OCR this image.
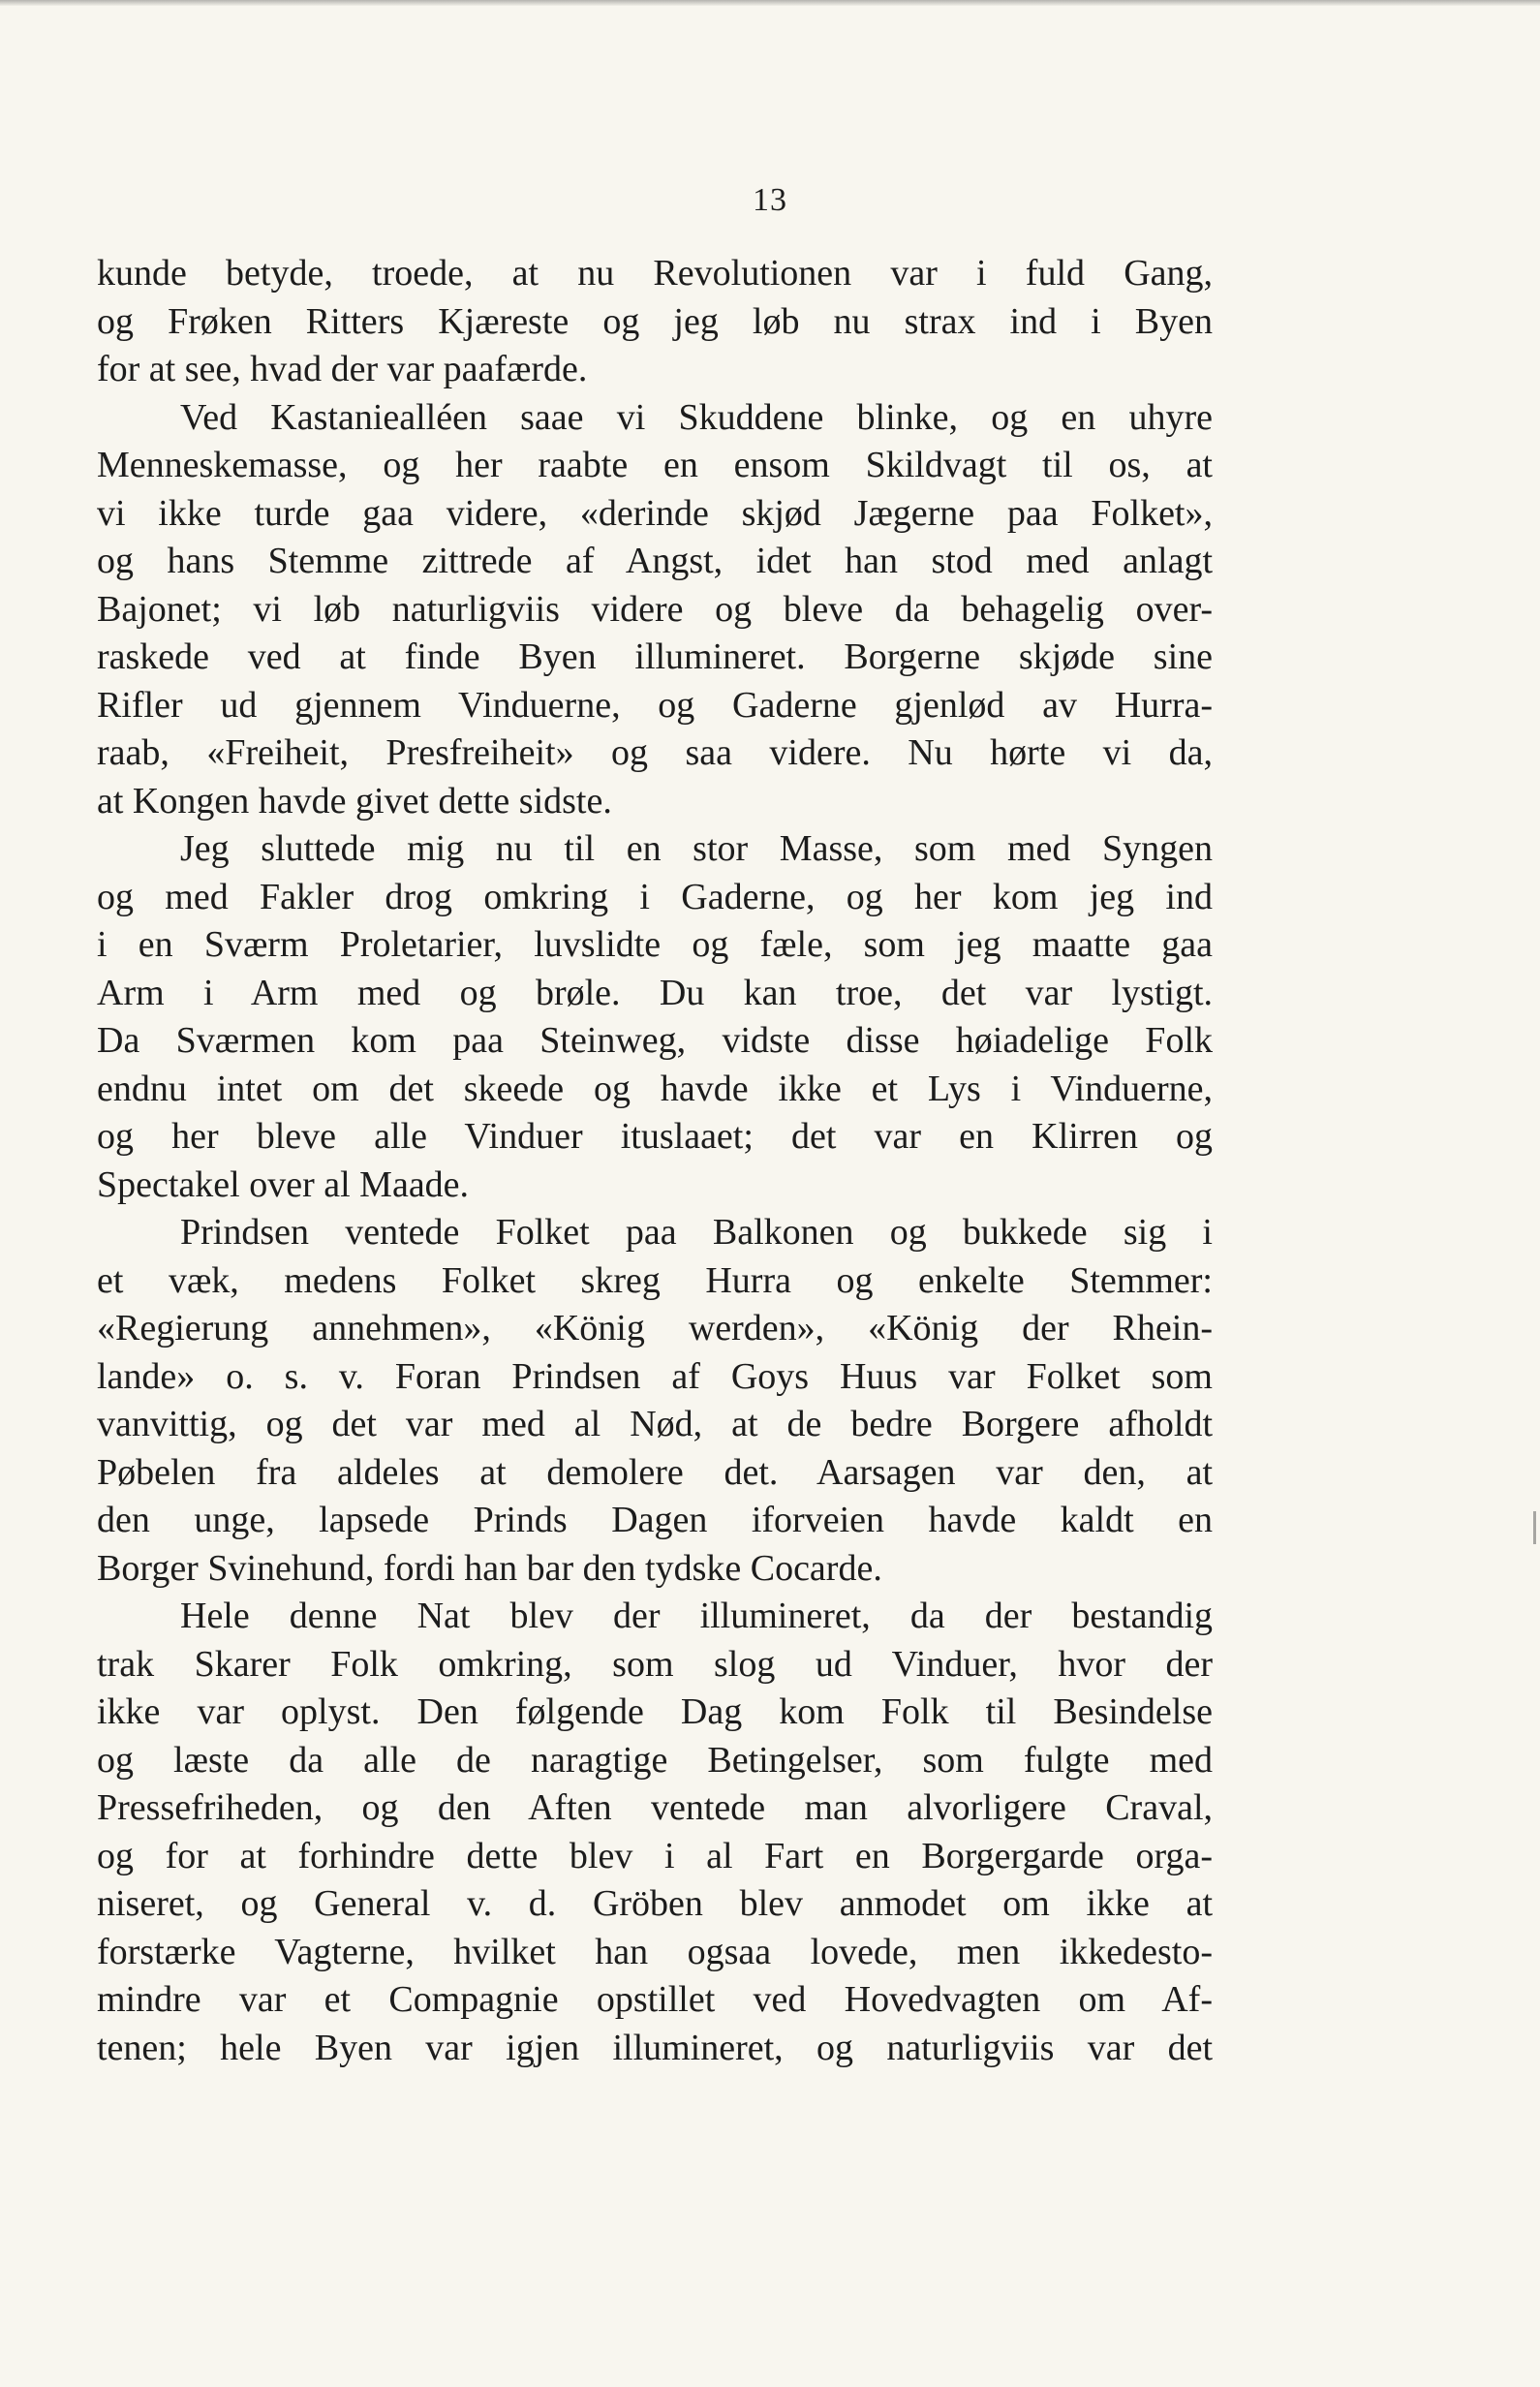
13
kunde betyde, troede, at nu Revolutionen var i fuld Gang,
og Frøken Ritters Kjæreste og jeg løb nu strax ind i Byen
for at see, hvad der var paafærde.
Ved Kastaniealléen saae vi Skuddene blinke, og en uhyre
Menneskemasse, og her raabte en ensom Skildvagt til os, at
vi ikke turde gaa videre, «derinde skjød Jægerne paa Folket»,
og hans Stemme zittrede af Angst, idet han stod med anlagt
Bajonet; vi løb naturligviis videre og bleve da behagelig over-
raskede ved at finde Byen illumineret. Borgerne skjøde sine
Rifler ud gjennem Vinduerne, og Gaderne gjenlød av Hurra-
raab, «Freiheit, Presfreiheit» og saa videre. Nu hørte vi da,
at Kongen havde givet dette sidste.
Jeg sluttede mig nu til en stor Masse, som med Syngen
og med Fakler drog omkring i Gaderne, og her kom jeg ind
i en Sværm Proletarier, luvslidte og fæle, som jeg maatte gaa
Arm i Arm med og brøle. Du kan troe, det var lystigt.
Da Sværmen kom paa Steinweg, vidste disse høiadelige Folk
endnu intet om det skeede og havde ikke et Lys i Vinduerne,
og her bleve alle Vinduer ituslaaet; det var en Klirren og
Spectakel over al Maade.
Prindsen ventede Folket paa Balkonen og bukkede sig i
et væk, medens Folket skreg Hurra og enkelte Stemmer:
«Regierung annehmen», «König werden», «König der Rhein-
lande» o. s. v. Foran Prindsen af Goys Huus var Folket som
vanvittig, og det var med al Nød, at de bedre Borgere afholdt
Pøbelen fra aldeles at demolere det. Aarsagen var den, at
den unge, lapsede Prinds Dagen iforveien havde kaldt en
Borger Svinehund, fordi han bar den tydske Cocarde.
Hele denne Nat blev der illumineret, da der bestandig
trak Skarer Folk omkring, som slog ud Vinduer, hvor der
ikke var oplyst. Den følgende Dag kom Folk til Besindelse
og læste da alle de naragtige Betingelser, som fulgte med
Pressefriheden, og den Aften ventede man alvorligere Craval,
og for at forhindre dette blev i al Fart en Borgergarde orga-
niseret, og General v. d. Gröben blev anmodet om ikke at
forstærke Vagterne, hvilket han ogsaa lovede, men ikkedesto-
mindre var et Compagnie opstillet ved Hovedvagten om Af-
tenen; hele Byen var igjen illumineret, og naturligviis var det
